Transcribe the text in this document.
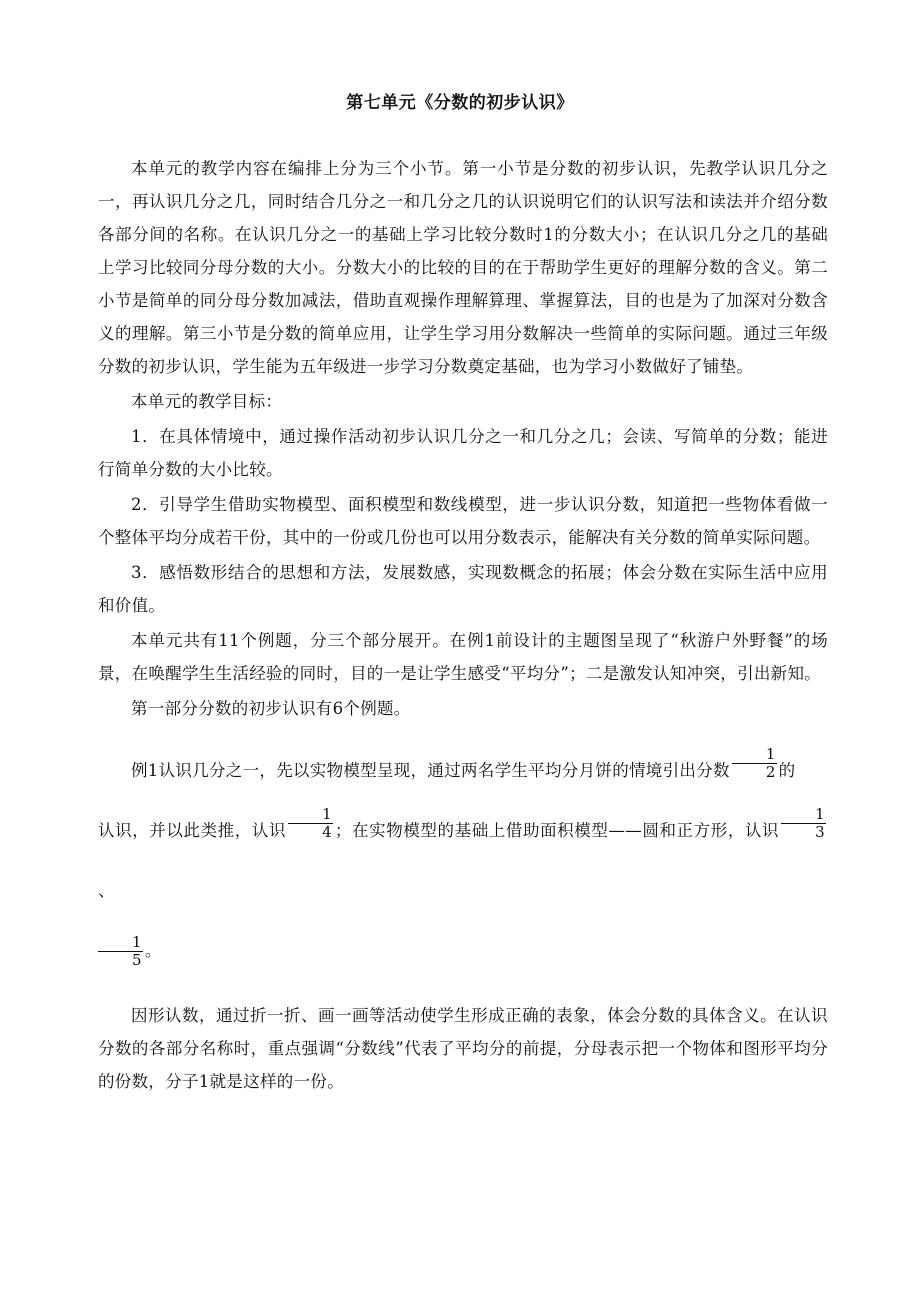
第七单元《分数的初步认识》

本单元的教学内容在编排上分为三个小节。第一小节是分数的初步认识，先教学认识几分之一，再认识几分之几，同时结合几分之一和几分之几的认识说明它们的认识写法和读法并介绍分数各部分间的名称。在认识几分之一的基础上学习比较分数时1的分数大小；在认识几分之几的基础上学习比较同分母分数的大小。分数大小的比较的目的在于帮助学生更好的理解分数的含义。第二小节是简单的同分母分数加减法，借助直观操作理解算理、掌握算法，目的也是为了加深对分数含义的理解。第三小节是分数的简单应用，让学生学习用分数解决一些简单的实际问题。通过三年级分数的初步认识，学生能为五年级进一步学习分数奠定基础，也为学习小数做好了铺垫。

本单元的教学目标：

1．在具体情境中，通过操作活动初步认识几分之一和几分之几；会读、写简单的分数；能进行简单分数的大小比较。

2．引导学生借助实物模型、面积模型和数线模型，进一步认识分数，知道把一些物体看做一个整体平均分成若干份，其中的一份或几份也可以用分数表示，能解决有关分数的简单实际问题。

3．感悟数形结合的思想和方法，发展数感，实现数概念的拓展；体会分数在实际生活中应用和价值。

本单元共有11个例题，分三个部分展开。在例1前设计的主题图呈现了“秋游户外野餐”的场景，在唤醒学生生活经验的同时，目的一是让学生感受“平均分”；二是激发认知冲突，引出新知。

第一部分分数的初步认识有6个例题。

例1认识几分之一，先以实物模型呈现，通过两名学生平均分月饼的情境引出分数 $\frac{1}{2}$ 的
认识，并以此类推，认识 $\frac{1}{4}$ ；在实物模型的基础上借助面积模型——圆和正方形，认识 $\frac{1}{3}$
、

$\frac{1}{5}$ 。

因形认数，通过折一折、画一画等活动使学生形成正确的表象，体会分数的具体含义。在认识分数的各部分名称时，重点强调“分数线”代表了平均分的前提，分母表示把一个物体和图形平均分的份数，分子1就是这样的一份。
